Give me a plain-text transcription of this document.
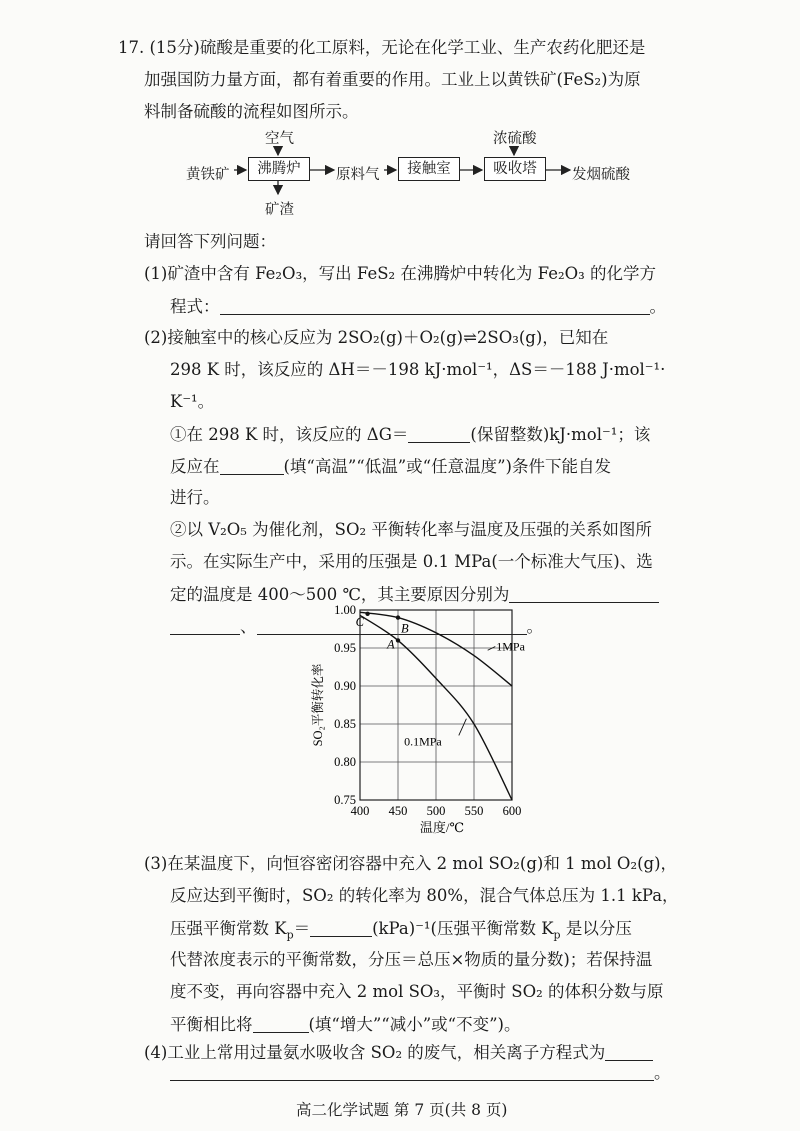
17. (15分)硫酸是重要的化工原料，无论在化学工业、生产农药化肥还是
加强国防力量方面，都有着重要的作用。工业上以黄铁矿(FeS₂)为原
料制备硫酸的流程如图所示。
空气
黄铁矿	沸腾炉
矿渣
原料气	接触室
浓硫酸
吸收塔	发烟硫酸
请回答下列问题：
(1)矿渣中含有 Fe₂O₃，写出 FeS₂ 在沸腾炉中转化为 Fe₂O₃ 的化学方
程式：	。
(2)接触室中的核心反应为 2SO₂(g)＋O₂(g)⇌2SO₃(g)，已知在
298 K 时，该反应的 ΔH＝－198 kJ·mol⁻¹，ΔS＝－188 J·mol⁻¹·
K⁻¹。
①在 298 K 时，该反应的 ΔG＝	(保留整数)kJ·mol⁻¹；该
反应在	(填“高温”“低温”或“任意温度”)条件下能自发
进行。
②以 V₂O₅ 为催化剂，SO₂ 平衡转化率与温度及压强的关系如图所
示。在实际生产中，采用的压强是 0.1 MPa(一个标准大气压)、选
定的温度是 400～500 ℃，其主要原因分别为
、	。
400 450 500 550 600
0.75
0.80
0.85
0.90
0.95
1.00
温度/℃
SO₂平衡转化率
1MPa
0.1MPa
C	B
A
(3)在某温度下，向恒容密闭容器中充入 2 mol SO₂(g)和 1 mol O₂(g)，
反应达到平衡时，SO₂ 的转化率为 80%，混合气体总压为 1.1 kPa，
压强平衡常数 $K_p=$	(kPa)⁻¹(压强平衡常数 $K_p$ 是以分压
代替浓度表示的平衡常数，分压＝总压×物质的量分数)；若保持温
度不变，再向容器中充入 2 mol SO₃，平衡时 SO₂ 的体积分数与原
平衡相比将	(填“增大”“减小”或“不变”)。
(4)工业上常用过量氨水吸收含 SO₂ 的废气，相关离子方程式为
。
高二化学试题 第 7 页(共 8 页)
